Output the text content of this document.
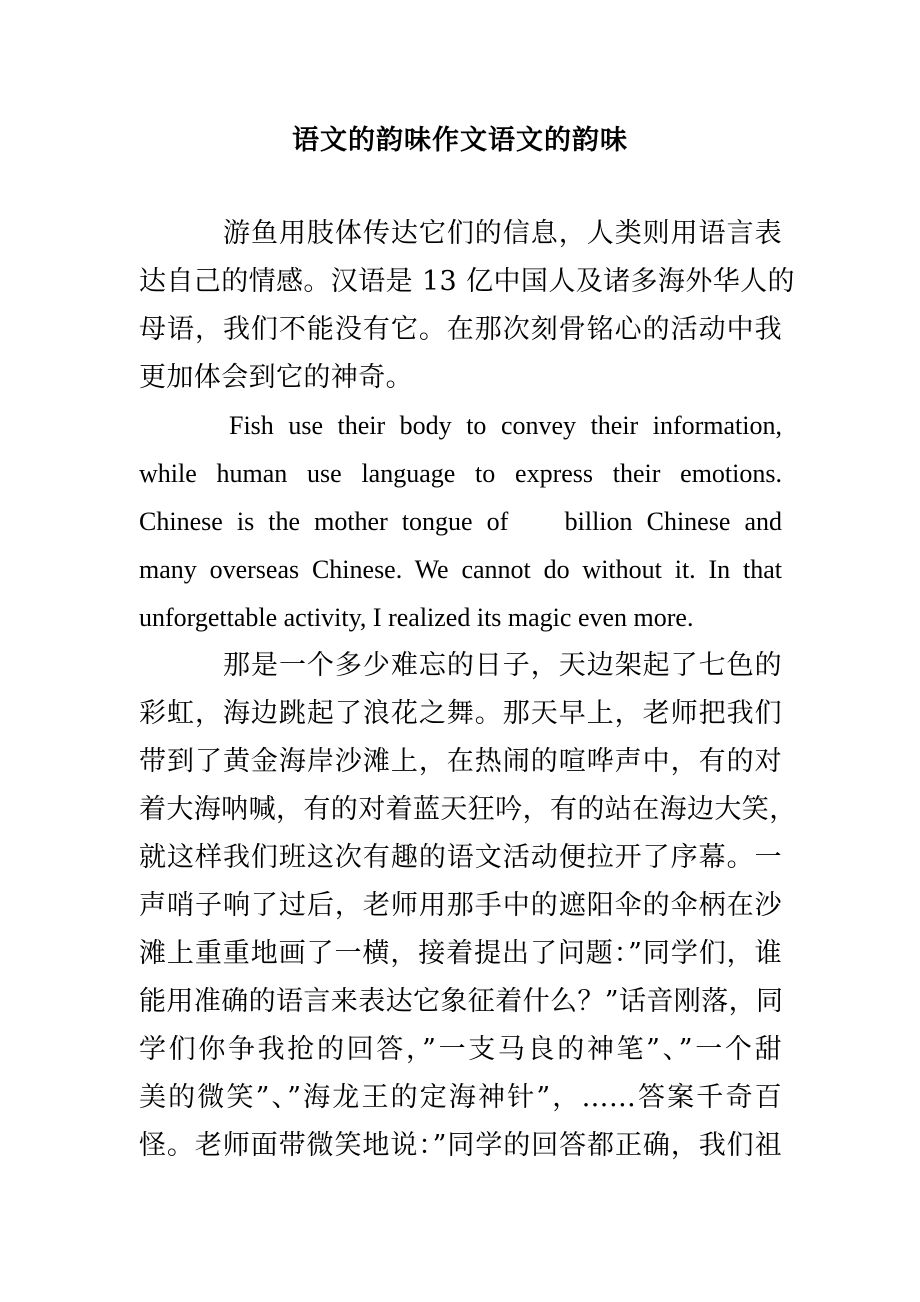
语文的韵味作文语文的韵味
游鱼用肢体传达它们的信息，人类则用语言表
达自己的情感。汉语是 13 亿中国人及诸多海外华人的
母语，我们不能没有它。在那次刻骨铭心的活动中我
更加体会到它的神奇。
Fish use their body to convey their information,
while human use language to express their emotions.
Chinese is the mother tongue of    billion Chinese and
many overseas Chinese. We cannot do without it. In that
unforgettable activity, I realized its magic even more.
那是一个多少难忘的日子，天边架起了七色的
彩虹，海边跳起了浪花之舞。那天早上，老师把我们
带到了黄金海岸沙滩上，在热闹的喧哗声中，有的对
着大海呐喊，有的对着蓝天狂吟，有的站在海边大笑，
就这样我们班这次有趣的语文活动便拉开了序幕。一
声哨子响了过后，老师用那手中的遮阳伞的伞柄在沙
滩上重重地画了一横，接着提出了问题：”同学们，谁
能用准确的语言来表达它象征着什么？”话音刚落，同
学们你争我抢的回答，”一支马良的神笔”、”一个甜
美的微笑”、”海龙王的定海神针”，……答案千奇百
怪。老师面带微笑地说：”同学的回答都正确，我们祖
